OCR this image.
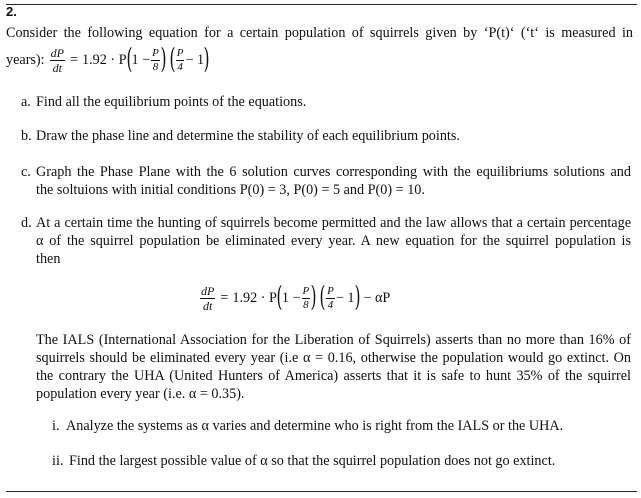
2.
Consider the following equation for a certain population of squirrels given by ‘P(t)‘ (‘t‘ is measured in
years): $\frac{dP}{dt} = 1.92 \cdot P$ ( $1 - \frac{P}{8}$ ) ( $\frac{P}{4} - 1$ )
a. Find all the equilibrium points of the equations.
b. Draw the phase line and determine the stability of each equilibrium points.
c. Graph the Phase Plane with the 6 solution curves corresponding with the equilibriums solutions and
the soltuions with initial conditions P(0) = 3, P(0) = 5 and P(0) = 10.
d. At a certain time the hunting of squirrels become permitted and the law allows that a certain percentage
α of the squirrel population be eliminated every year. A new equation for the squirrel population is
then
$\frac{dP}{dt} = 1.92 \cdot P$ ( $1 - \frac{P}{8}$ ) ( $\frac{P}{4} - 1$ ) − αP
The IALS (International Association for the Liberation of Squirrels) asserts than no more than 16% of
squirrels should be eliminated every year (i.e α = 0.16, otherwise the population would go extinct. On
the contrary the UHA (United Hunters of America) asserts that it is safe to hunt 35% of the squirrel
population every year (i.e. α = 0.35).
i. Analyze the systems as α varies and determine who is right from the IALS or the UHA.
ii. Find the largest possible value of α so that the squirrel population does not go extinct.
